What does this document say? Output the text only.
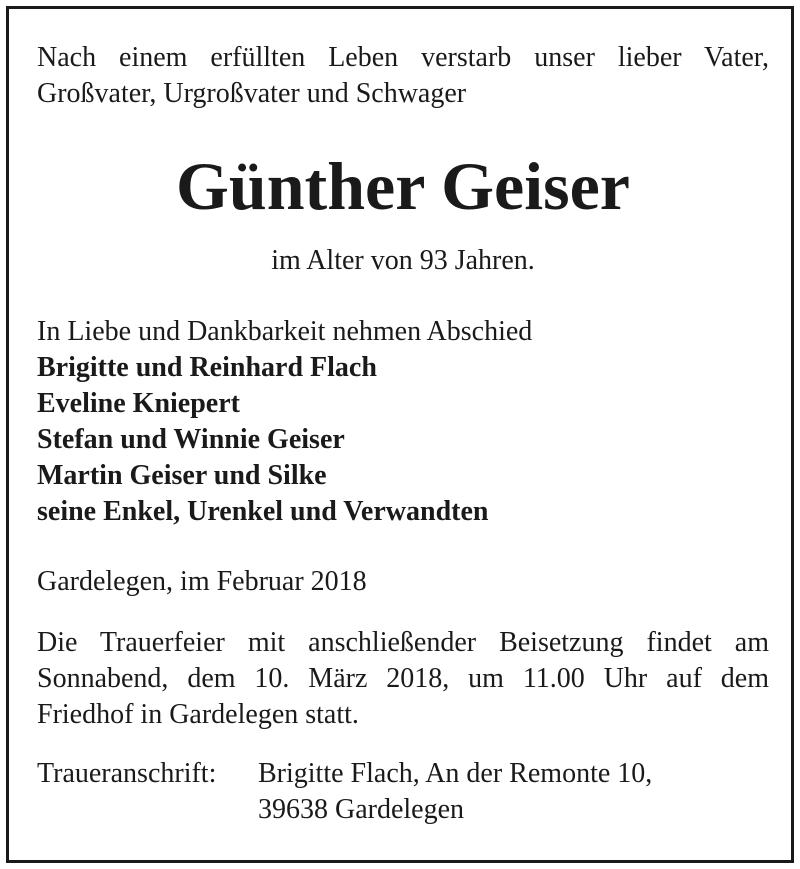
Nach einem erfüllten Leben verstarb unser lieber Vater,
Großvater, Urgroßvater und Schwager
Günther Geiser
im Alter von 93 Jahren.
In Liebe und Dankbarkeit nehmen Abschied
Brigitte und Reinhard Flach
Eveline Kniepert
Stefan und Winnie Geiser
Martin Geiser und Silke
seine Enkel, Urenkel und Verwandten
Gardelegen, im Februar 2018
Die Trauerfeier mit anschließender Beisetzung findet am
Sonnabend, dem 10. März 2018, um 11.00 Uhr auf dem
Friedhof in Gardelegen statt.
Traueranschrift:	Brigitte Flach, An der Remonte 10,
39638 Gardelegen
